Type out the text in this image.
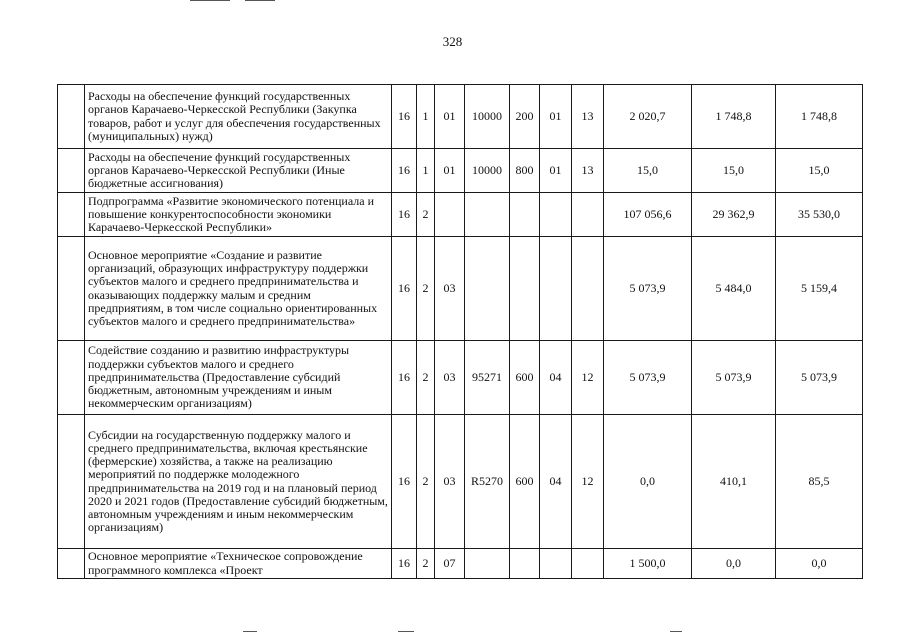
328
	Расходы на обеспечение функций государственных органов Карачаево-Черкесской Республики (Закупка товаров, работ и услуг для обеспечения государственных (муниципальных) нужд)	16	1	01	10000	200	01	13	2 020,7	1 748,8	1 748,8
	Расходы на обеспечение функций государственных органов Карачаево-Черкесской Республики (Иные бюджетные ассигнования)	16	1	01	10000	800	01	13	15,0	15,0	15,0
	Подпрограмма «Развитие экономического потенциала и повышение конкурентоспособности экономики Карачаево-Черкесской Республики»	16	2						107 056,6	29 362,9	35 530,0
	Основное мероприятие «Создание и развитие организаций, образующих инфраструктуру поддержки субъектов малого и среднего предпринимательства и оказывающих поддержку малым и средним предприятиям, в том числе социально ориентированных субъектов малого и среднего предпринимательства»	16	2	03					5 073,9	5 484,0	5 159,4
	Содействие созданию и развитию инфраструктуры поддержки субъектов малого и среднего предпринимательства (Предоставление субсидий бюджетным, автономным учреждениям и иным некоммерческим организациям)	16	2	03	95271	600	04	12	5 073,9	5 073,9	5 073,9
	Субсидии на государственную поддержку малого и среднего предпринимательства, включая крестьянские (фермерские) хозяйства, а также на реализацию мероприятий по поддержке молодежного предпринимательства на 2019 год и на плановый период 2020 и 2021 годов (Предоставление субсидий бюджетным, автономным учреждениям и иным некоммерческим организациям)	16	2	03	R5270	600	04	12	0,0	410,1	85,5
	Основное мероприятие «Техническое сопровождение программного комплекса «Проект	16	2	07					1 500,0	0,0	0,0
